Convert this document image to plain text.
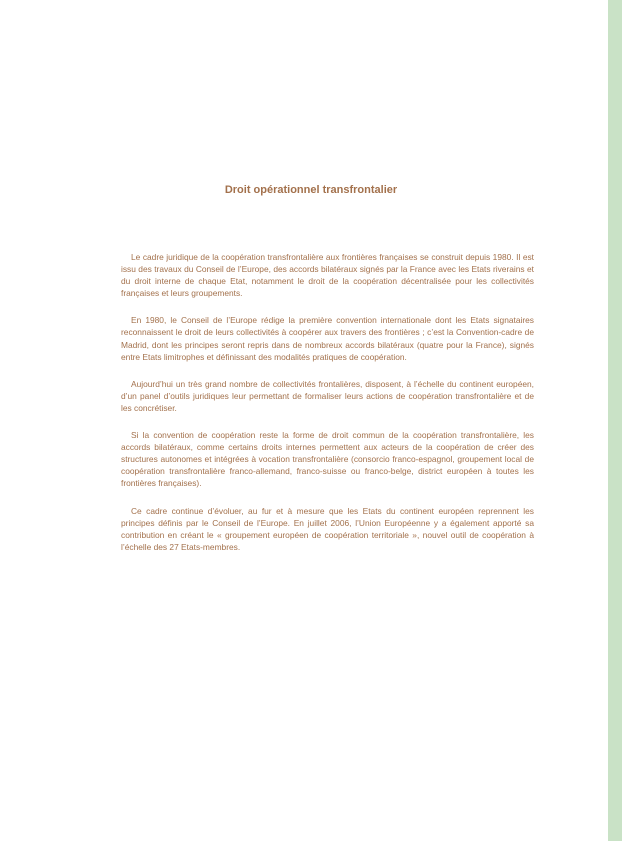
Droit opérationnel transfrontalier

Le cadre juridique de la coopération transfrontalière aux frontières françaises se construit depuis 1980. Il est issu des travaux du Conseil de l’Europe, des accords bilatéraux signés par la France avec les Etats riverains et du droit interne de chaque Etat, notamment le droit de la coopération décentralisée pour les collectivités françaises et leurs groupements.

En 1980, le Conseil de l’Europe rédige la première convention internationale dont les Etats signataires reconnaissent le droit de leurs collectivités à coopérer aux travers des frontières ; c’est la Convention-cadre de Madrid, dont les principes seront repris dans de nombreux accords bilatéraux (quatre pour la France), signés entre Etats limitrophes et définissant des modalités pratiques de coopération.

Aujourd’hui un très grand nombre de collectivités frontalières, disposent, à l’échelle du continent européen, d’un panel d’outils juridiques leur permettant de formaliser leurs actions de coopération transfrontalière et de les concrétiser.

Si la convention de coopération reste la forme de droit commun de la coopération transfrontalière, les accords bilatéraux, comme certains droits internes permettent aux acteurs de la coopération de créer des structures autonomes et intégrées à vocation transfrontalière (consorcio franco-espagnol, groupement local de coopération transfrontalière franco-allemand, franco-suisse ou franco-belge, district européen à toutes les frontières françaises).

Ce cadre continue d’évoluer, au fur et à mesure que les Etats du continent européen reprennent les principes définis par le Conseil de l’Europe. En juillet 2006, l’Union Européenne y a également apporté sa contribution en créant le « groupement européen de coopération territoriale », nouvel outil de coopération à l’échelle des 27 Etats-membres.
